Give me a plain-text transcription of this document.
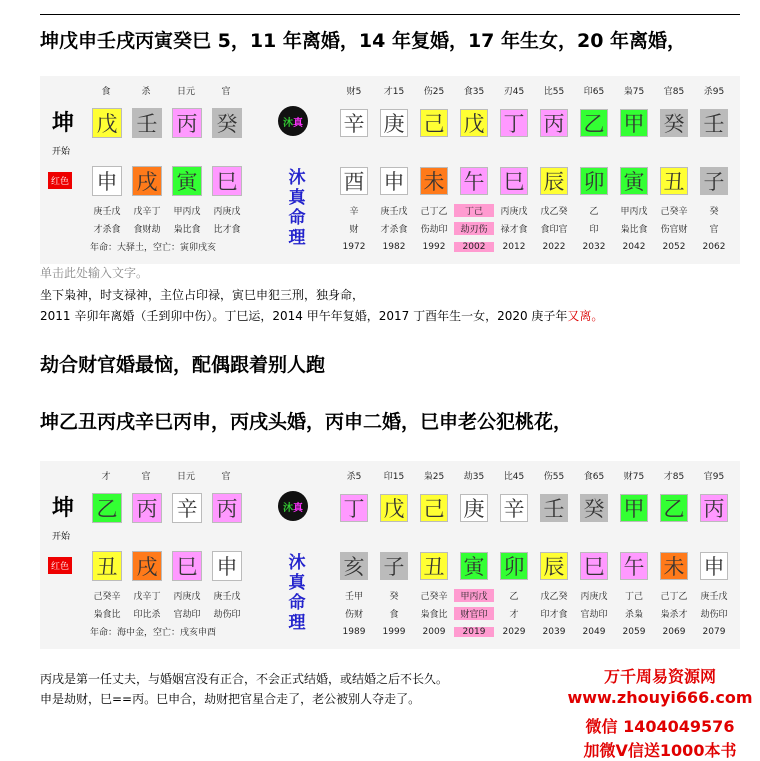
坤戊申壬戌丙寅癸巳 5，11 年离婚，14 年复婚，17 年生女，20 年离婚，
坤
开始
红色
食
戊
申
庚壬戊
才杀食
杀
壬
戌
戊辛丁
食财劫
日元
丙
寅
甲丙戊
枭比食
官
癸
巳
丙庚戊
比才食
年命：大驿土，空亡：寅卯戌亥
沐 真
沐
真
命
理
财5
辛
酉
辛
财
1972
才15
庚
申
庚壬戊
才杀食
1982
伤25
己
未
己丁乙
伤劫印
1992
食35
戊
午
丁己
劫刃伤
2002
刃45
丁
巳
丙庚戊
禄才食
2012
比55
丙
辰
戊乙癸
食印官
2022
印65
乙
卯
乙
印
2032
枭75
甲
寅
甲丙戊
枭比食
2042
官85
癸
丑
己癸辛
伤官财
2052
杀95
壬
子
癸
官
2062
单击此处输入文字。
坐下枭神，时支禄神，主位占印禄，寅巳申犯三刑，独身命，
2011 辛卯年离婚（壬到卯中伤）。丁巳运，2014 甲午年复婚，2017 丁酉年生一女，2020 庚子年又离。
劫合财官婚最恼，配偶跟着别人跑
坤乙丑丙戌辛巳丙申，丙戌头婚，丙申二婚，巳申老公犯桃花，
坤
开始
红色
才
乙
丑
己癸辛
枭食比
官
丙
戌
戊辛丁
印比杀
日元
辛
巳
丙庚戊
官劫印
官
丙
申
庚壬戊
劫伤印
年命：海中金，空亡：戌亥申酉
沐 真
沐
真
命
理
杀5
丁
亥
壬甲
伤财
1989
印15
戊
子
癸
食
1999
枭25
己
丑
己癸辛
枭食比
2009
劫35
庚
寅
甲丙戊
财官印
2019
比45
辛
卯
乙
才
2029
伤55
壬
辰
戊乙癸
印才食
2039
食65
癸
巳
丙庚戊
官劫印
2049
财75
甲
午
丁己
杀枭
2059
才85
乙
未
己丁乙
枭杀才
2069
官95
丙
申
庚壬戊
劫伤印
2079
丙戌是第一任丈夫，与婚姻宫没有正合，不会正式结婚，或结婚之后不长久。
申是劫财，巳==丙。巳申合，劫财把官星合走了，老公被别人夺走了。
万千周易资源网
www.zhouyi666.com
微信 1404049576
加微V信送1000本书
